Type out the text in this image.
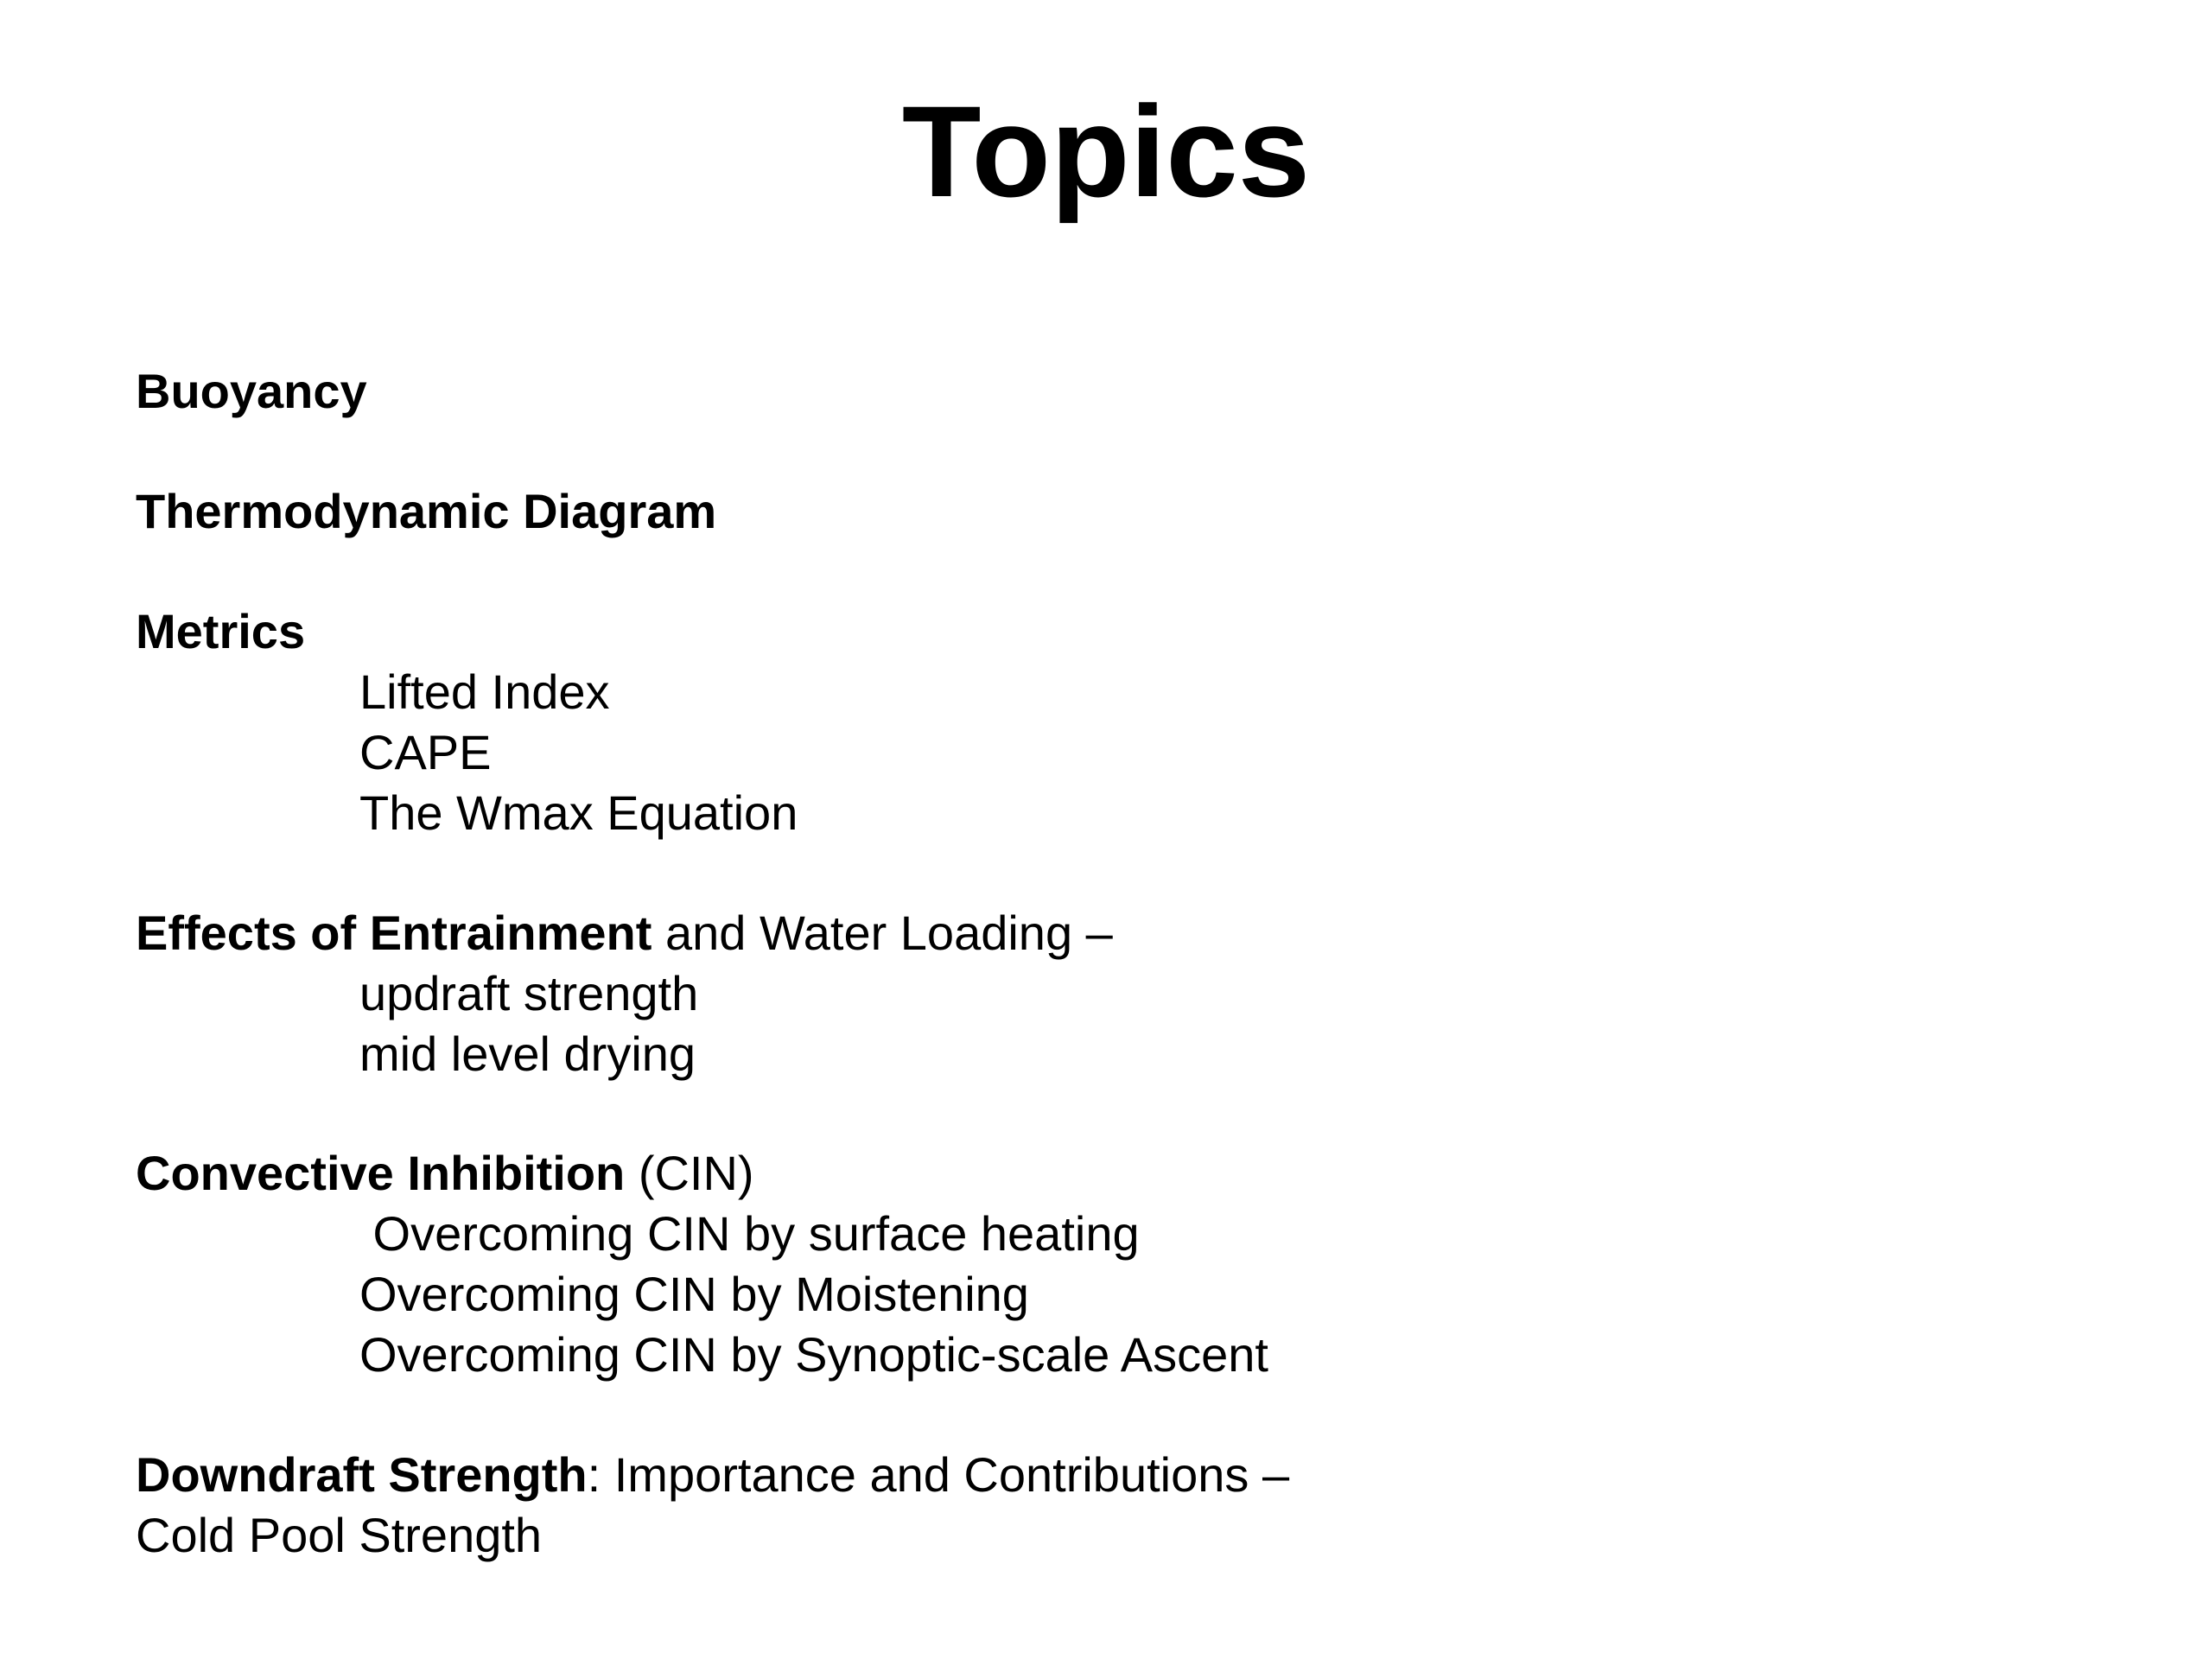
Topics

Buoyancy

Thermodynamic Diagram

Metrics

Lifted Index

CAPE

The Wmax Equation

Effects of Entrainment and Water Loading –

updraft strength

mid level drying

Convective Inhibition (CIN)

Overcoming CIN by surface heating

Overcoming CIN by Moistening

Overcoming CIN by Synoptic-scale Ascent

Downdraft Strength: Importance and Contributions –

Cold Pool Strength
